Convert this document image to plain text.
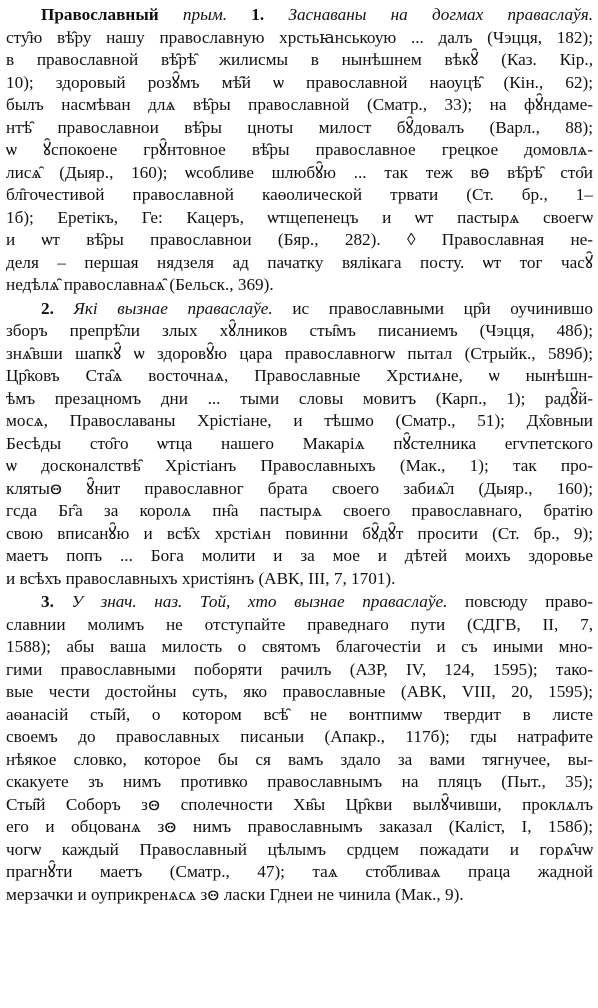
Православный прым. 1. Заснаваны на догмах праваслаўя.
сту̑ю вѣ̑ру нашу православную хрстьꙗнськоую ... далъ (Чэцця, 182);
в православной вѣ̑рѣ̑ жилисмы в нынѣшнем вѣкꙋ̑ (Каз. Кір.,
10); здоровый розꙋ̑мъ мѣ̑й ѡ православной наоуцѣ̑ (Кін., 62);
былъ насмѣван длѧ вѣ̑ры православной (Сматр., 33); на фꙋ̑ндаме-
нтѣ̑ православнои вѣ̑ры цноты милост бꙋ̑довалъ (Варл., 88);
ѡ ꙋ̑спокоене грꙋ̑нтовное вѣ̑ры православное грецкое домовлѧ-
лисѧ̑ (Дыяр., 160); ѡсобливе шлюбꙋ̑ю ... так теж вꙫ вѣ̑рѣ̑ сто̑и
бл̑гочестивой православной каѳолической трвати (Ст. бр., 1–
1б); Еретікъ, Ге: Кацеръ, ѡтщепенецъ и ѡт пастырѧ своегѡ
и ѡт вѣ̑ры православнои (Бяр., 282). ◊ Православная не-
деля – першая нядзеля ад пачатку вялікага посту. ѡт тог часꙋ̑
недѣлѧ̑ православнаѧ̑ (Бельск., 369).

2. Які вызнае праваслаўе. ис православными цр̑и оучинившо
зборъ препрѣ̑ли злых хꙋ̑лников сты̑мъ писаниемъ (Чэцця, 48б);
знѧ̑вши шапкꙋ̑ ѡ здоровꙋ̑ю цара православногѡ пытал (Стрыйк., 589б);
Цр̑ковъ Ста̑ѧ восточнаѧ, Православные Хрстиѧне, ѡ нынѣшн-
ѣмъ презацномъ дни ... тыми словы мовитъ (Карп., 1); радꙋ̑й-
мосѧ, Православаны Хрістіане, и тѣшмо (Сматр., 51); Дх̑овныи
Бесѣды сто̑го ѡтца нашего Макаріѧ пꙋ̑стелника егѵпетского
ѡ досконалствѣ̑ Хрістіанъ Православныхъ (Мак., 1); так про-
клятыꙫ ꙋ̑нит православног брата своего забиѧ̑л (Дыяр., 160);
гсда Бг̑а за королѧ пн̑а пастырѧ своего православнаго, братію
свою вписанꙋ̑ю и всѣ̑х хрстіѧн повинни бꙋ̑дꙋ̑т просити (Ст. бр., 9);
маетъ попъ ... Бога молити и за мое и дѣтей моихъ здоровье
и всѣхъ православныхъ христіянъ (АВК, III, 7, 1701).

3. У знач. наз. Той, хто вызнае праваслаўе. повсюду право-
славнии молимъ не отступайте праведнаго пути (СДГВ, II, 7,
1588); абы ваша милость о святомъ благочестіи и съ иными мно-
гими православными поборяти рачилъ (АЗР, IV, 124, 1595); тако-
вые чести достойны суть, яко православные (АВК, VIII, 20, 1595);
аѳанасій сты̑й, о котором всѣ̑ не вонтпимѡ твердит в листе
своемъ до православных писаныи (Апакр., 117б); гды натрафите
нѣякое словко, которое бы ся вамъ здало за вами тягнучее, вы-
скакуете зъ нимъ противко православнымъ на пляцъ (Пыт., 35);
Сты̑й Соборъ зꙫ сполечности Хв̑ы Цр̑кви вылꙋ̑чивши, проклѧлъ
его и обцованѧ зꙫ нимъ православнымъ заказал (Каліст, І, 158б);
чогѡ каждый Православный цѣлымъ срдцем пожадати и горѧ̑чѡ
прагнꙋ̑ти маетъ (Сматр., 47); таѧ сто̑бливаѧ праца жадной
мерзачки и оуприкренѧсѧ зꙫ ласки Гднеи не чинила (Мак., 9).
